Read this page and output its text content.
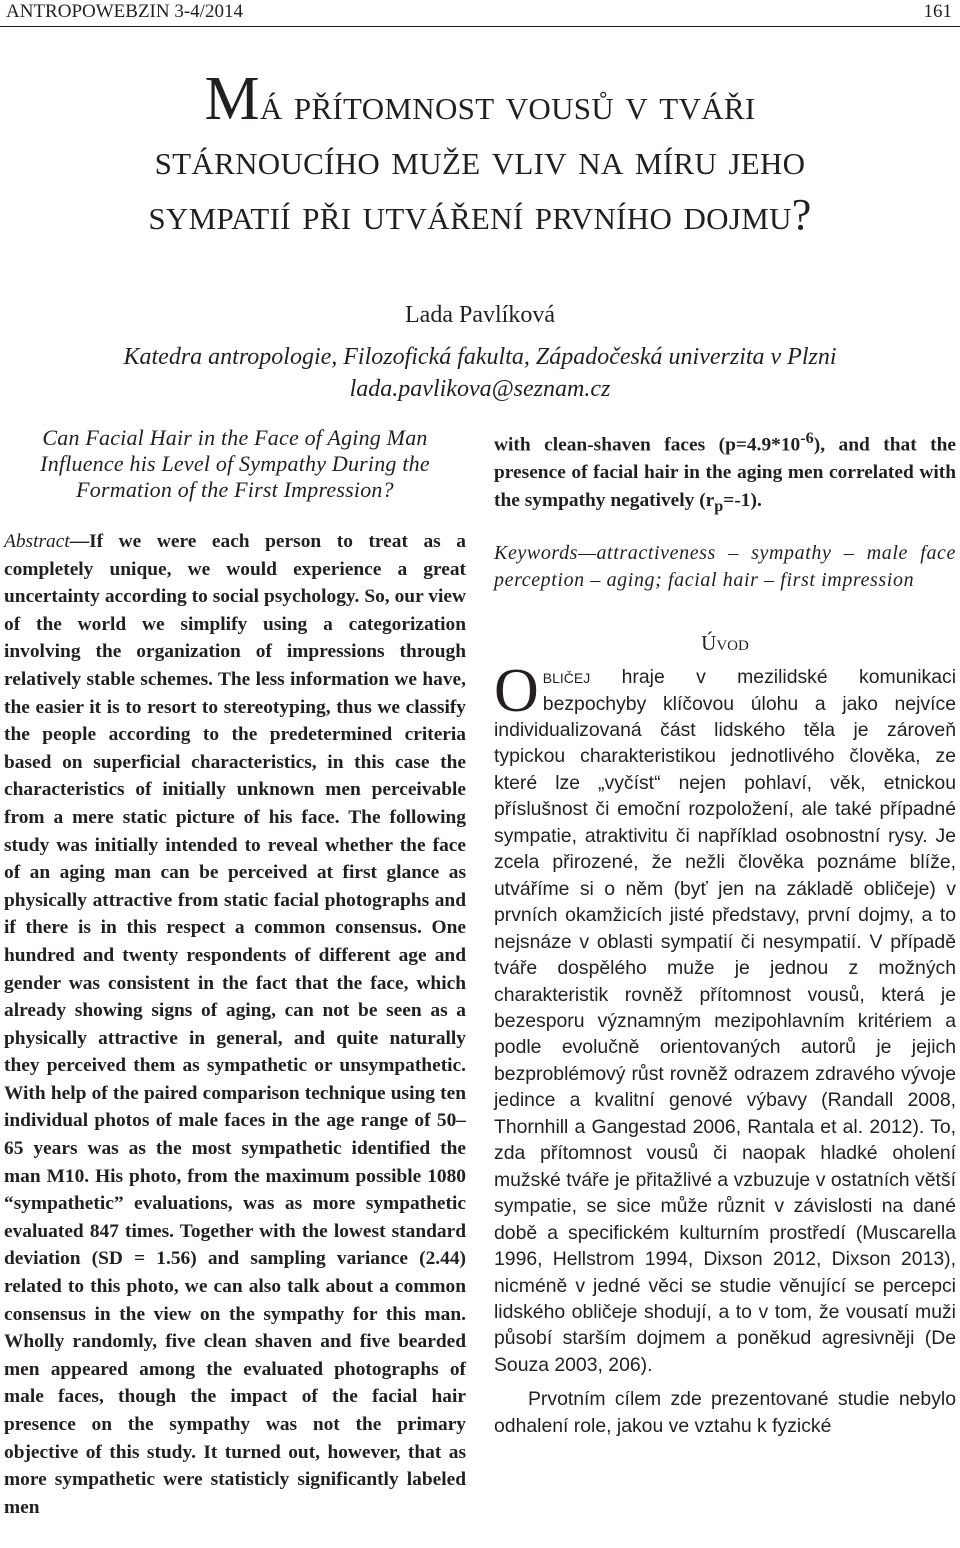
ANTROPOWEBZIN 3-4/2014	161
Má přítomnost vousů v tváři
stárnoucího muže vliv na míru jeho
sympatií při utváření prvního dojmu?
Lada Pavlíková
Katedra antropologie, Filozofická fakulta, Západočeská univerzita v Plzni
lada.pavlikova@seznam.cz

Can Facial Hair in the Face of Aging Man Influence his Level of Sympathy During the Formation of the First Impression?

Abstract—If we were each person to treat as a completely unique, we would experience a great uncertainty according to social psychology. So, our view of the world we simplify using a categorization involving the organization of impressions through relatively stable schemes. The less information we have, the easier it is to resort to stereotyping, thus we classify the people according to the predetermined criteria based on superficial characteristics, in this case the characteristics of initially unknown men perceivable from a mere static picture of his face. The following study was initially intended to reveal whether the face of an aging man can be perceived at first glance as physically attractive from static facial photographs and if there is in this respect a common consensus. One hundred and twenty respondents of different age and gender was consistent in the fact that the face, which already showing signs of aging, can not be seen as a physically attractive in general, and quite naturally they perceived them as sympathetic or unsympathetic. With help of the paired comparison technique using ten individual photos of male faces in the age range of 50–65 years was as the most sympathetic identified the man M10. His photo, from the maximum possible 1080 “sympathetic” evaluations, was as more sympathetic evaluated 847 times. Together with the lowest standard deviation (SD = 1.56) and sampling variance (2.44) related to this photo, we can also talk about a common consensus in the view on the sympathy for this man. Wholly randomly, five clean shaven and five bearded men appeared among the evaluated photographs of male faces, though the impact of the facial hair presence on the sympathy was not the primary objective of this study. It turned out, however, that as more sympathetic were statisticly significantly labeled men

with clean-shaven faces $(p=4.9*10^{-6})$, and that the presence of facial hair in the aging men correlated with the sympathy negatively $(r_p=-1)$.

Keywords—attractiveness – sympathy – male face perception – aging; facial hair – first impression

Úvod

Obličej hraje v mezilidské komunikaci bezpochyby klíčovou úlohu a jako nejvíce individualizovaná část lidského těla je zároveň typickou charakteristikou jednotlivého člověka, ze které lze „vyčíst“ nejen pohlaví, věk, etnickou příslušnost či emoční rozpoložení, ale také případné sympatie, atraktivitu či například osobnostní rysy. Je zcela přirozené, že nežli člověka poznáme blíže, utváříme si o něm (byť jen na základě obličeje) v prvních okamžicích jisté představy, první dojmy, a to nejsnáze v oblasti sympatií či nesympatií. V případě tváře dospělého muže je jednou z možných charakteristik rovněž přítomnost vousů, která je bezesporu významným mezipohlavním kritériem a podle evolučně orientovaných autorů je jejich bezproblémový růst rovněž odrazem zdravého vývoje jedince a kvalitní genové výbavy (Randall 2008, Thornhill a Gangestad 2006, Rantala et al. 2012). To, zda přítomnost vousů či naopak hladké oholení mužské tváře je přitažlivé a vzbuzuje v ostatních větší sympatie, se sice může různit v závislosti na dané době a specifickém kulturním prostředí (Muscarella 1996, Hellstrom 1994, Dixson 2012, Dixson 2013), nicméně v jedné věci se studie věnující se percepci lidského obličeje shodují, a to v tom, že vousatí muži působí starším dojmem a poněkud agresivněji (De Souza 2003, 206).

Prvotním cílem zde prezentované studie nebylo odhalení role, jakou ve vztahu k fyzické
